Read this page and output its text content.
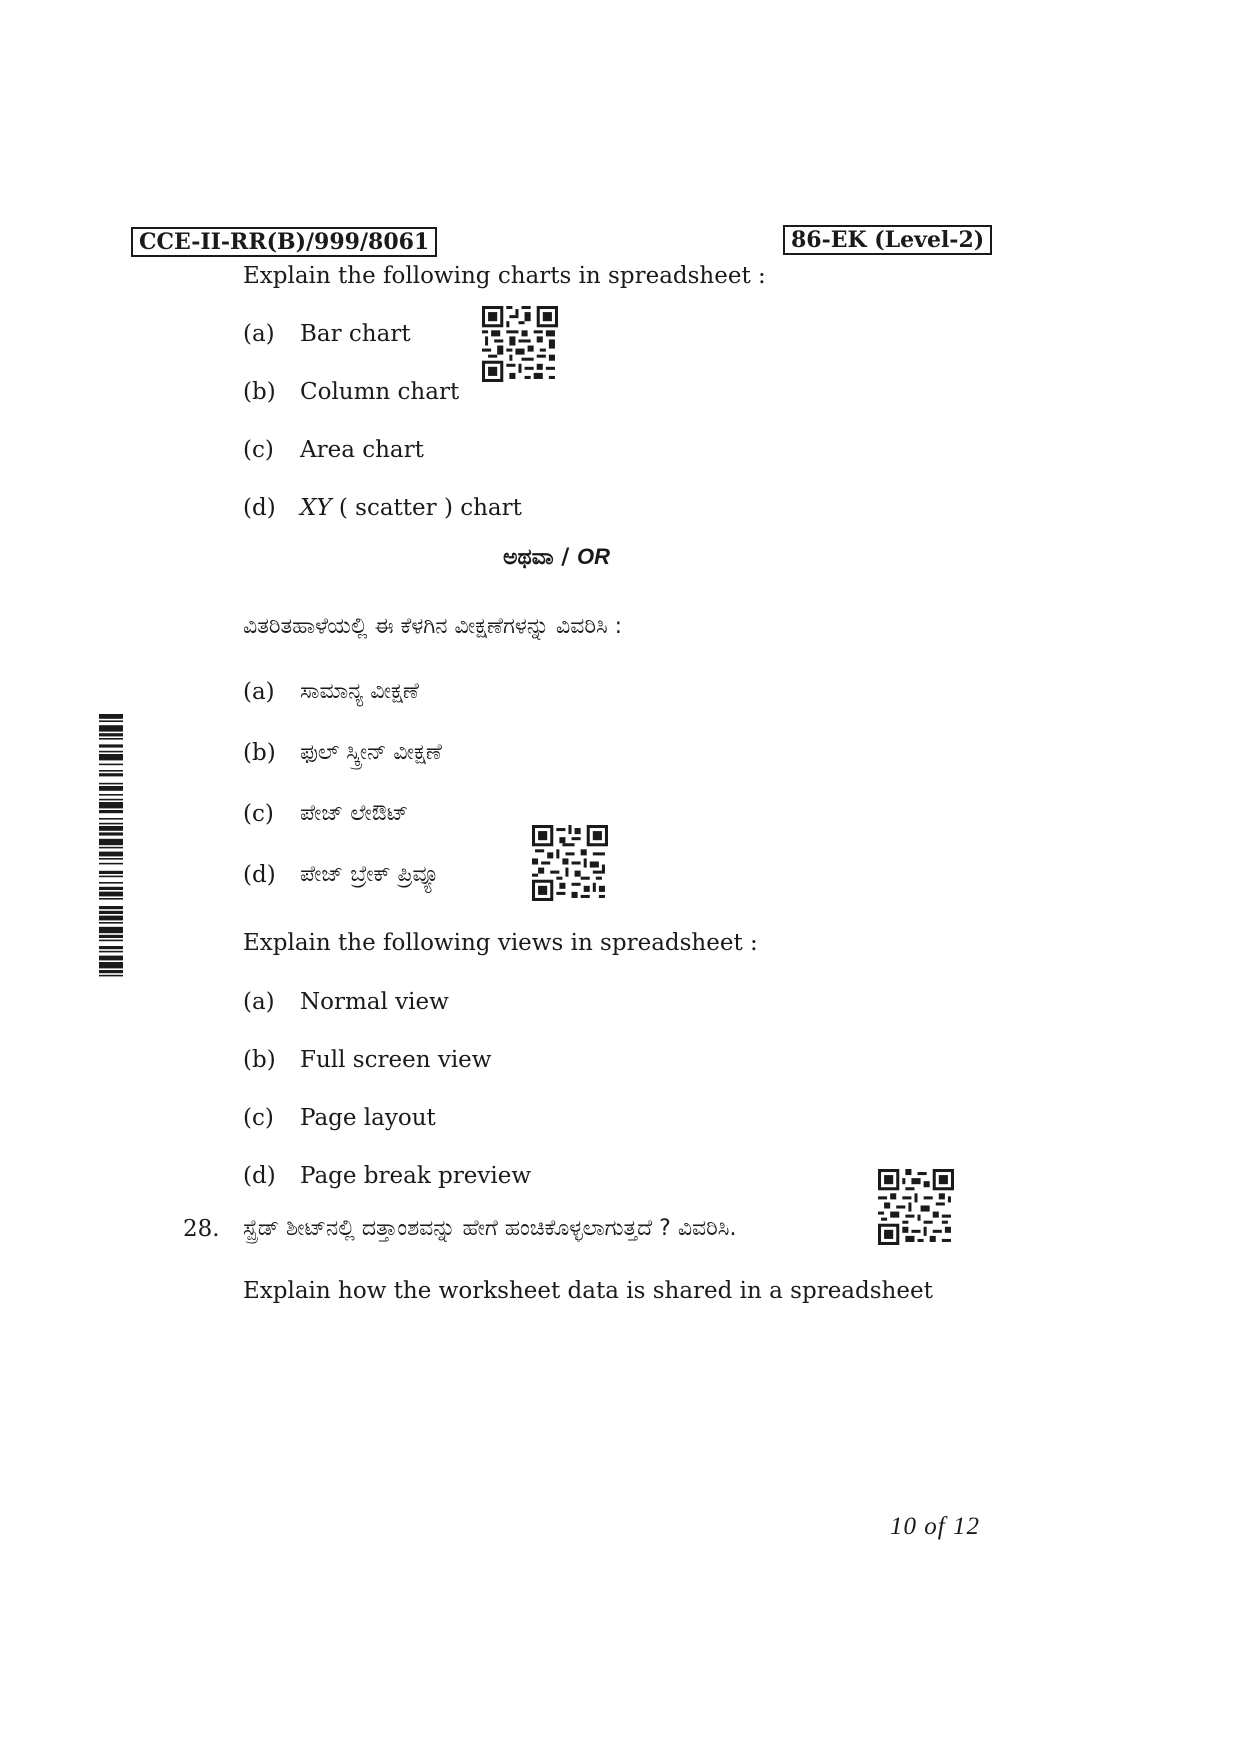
CCE-II-RR(B)/999/8061	86-EK (Level-2)
Explain the following charts in spreadsheet :
(a) Bar chart
(b) Column chart
(c) Area chart
(d) XY ( scatter ) chart
ಅಥವಾ / OR
ವಿತರಿತಹಾಳೆಯಲ್ಲಿ ಈ ಕೆಳಗಿನ ವೀಕ್ಷಣೆಗಳನ್ನು ವಿವರಿಸಿ :
(a) ಸಾಮಾನ್ಯ ವೀಕ್ಷಣೆ
(b) ಫುಲ್ ಸ್ಕ್ರೀನ್ ವೀಕ್ಷಣೆ
(c) ಪೇಜ್ ಲೇಔಟ್
(d) ಪೇಜ್ ಬ್ರೇಕ್ ಪ್ರಿವ್ಯೂ
Explain the following views in spreadsheet :
(a) Normal view
(b) Full screen view
(c) Page layout
(d) Page break preview
28. ಸ್ಪ್ರೆಡ್ ಶೀಟ್‌ನಲ್ಲಿ ದತ್ತಾಂಶವನ್ನು ಹೇಗೆ ಹಂಚಿಕೊಳ್ಳಲಾಗುತ್ತದೆ ? ವಿವರಿಸಿ.
Explain how the worksheet data is shared in a spreadsheet
10 of 12
